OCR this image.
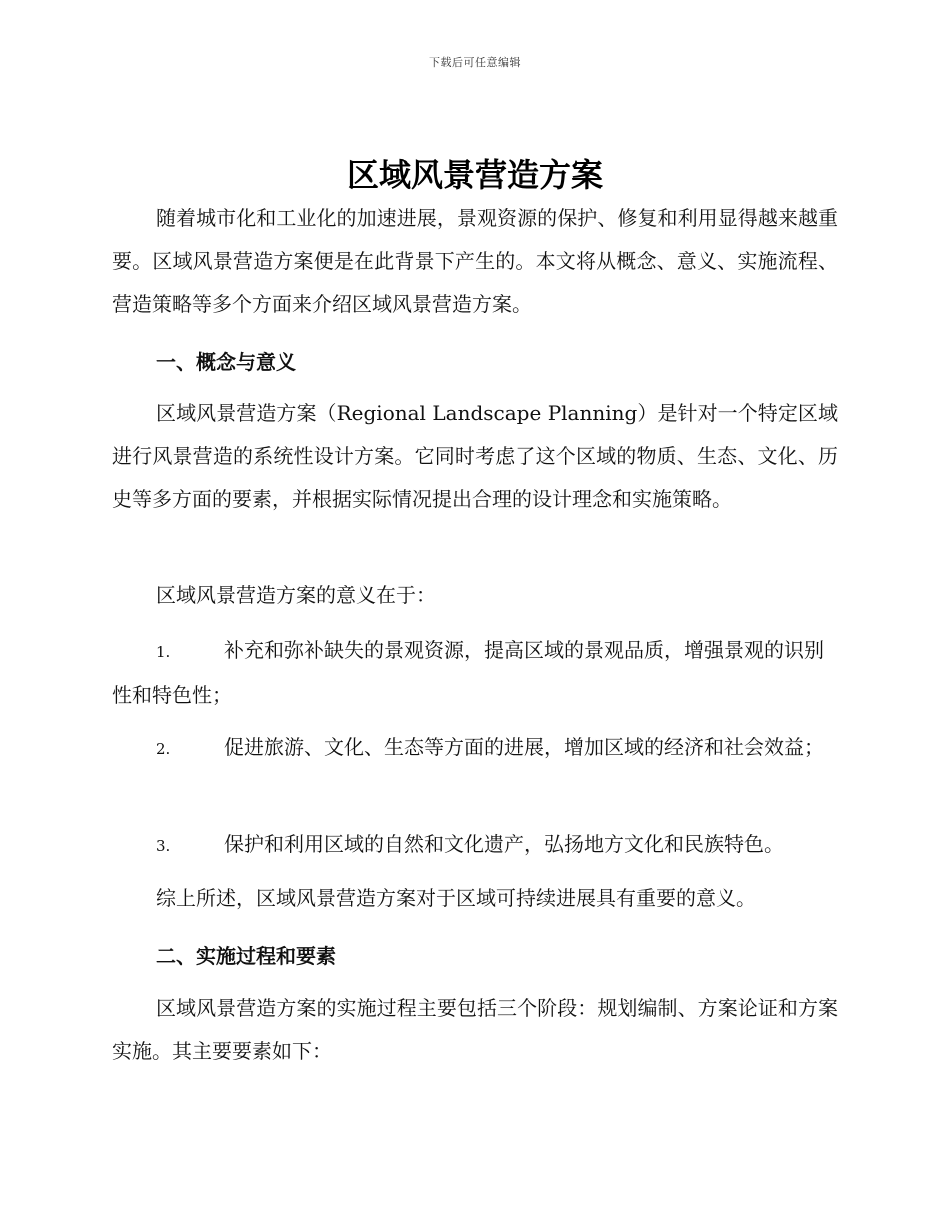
下载后可任意编辑
区域风景营造方案

随着城市化和工业化的加速进展，景观资源的保护、修复和利用显得越来越重要。区域风景营造方案便是在此背景下产生的。本文将从概念、意义、实施流程、营造策略等多个方面来介绍区域风景营造方案。

一、概念与意义

区域风景营造方案（Regional Landscape Planning）是针对一个特定区域进行风景营造的系统性设计方案。它同时考虑了这个区域的物质、生态、文化、历史等多方面的要素，并根据实际情况提出合理的设计理念和实施策略。

区域风景营造方案的意义在于：

1.	补充和弥补缺失的景观资源，提高区域的景观品质，增强景观的识别性和特色性；

2.	促进旅游、文化、生态等方面的进展，增加区域的经济和社会效益；

3.	保护和利用区域的自然和文化遗产，弘扬地方文化和民族特色。

综上所述，区域风景营造方案对于区域可持续进展具有重要的意义。

二、实施过程和要素

区域风景营造方案的实施过程主要包括三个阶段：规划编制、方案论证和方案实施。其主要要素如下：
